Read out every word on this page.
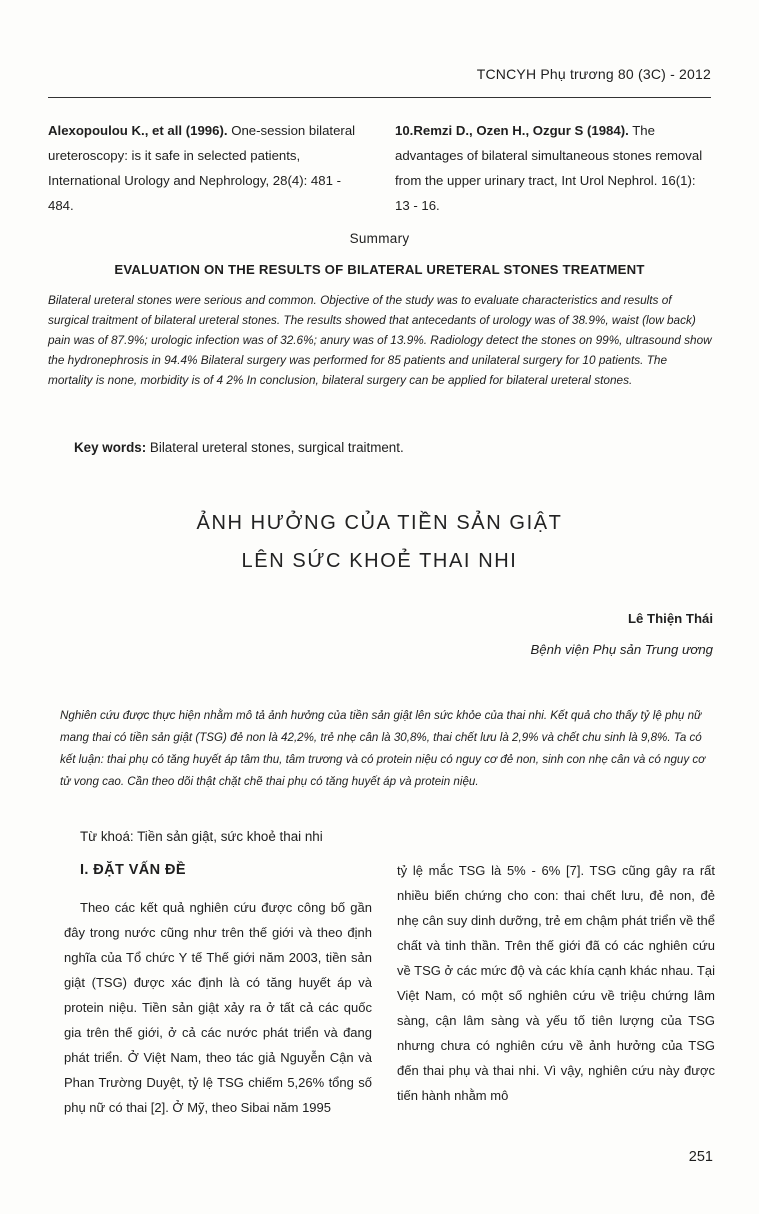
TCNCYH Phụ trương 80 (3C) - 2012
Alexopoulou K., et all (1996). One-session bilateral ureteroscopy: is it safe in selected patients, International Urology and Nephrology, 28(4): 481 - 484.
10.Remzi D., Ozen H., Ozgur S (1984). The advantages of bilateral simultaneous stones removal from the upper urinary tract, Int Urol Nephrol. 16(1): 13 - 16.
Summary
EVALUATION ON THE RESULTS OF BILATERAL URETERAL STONES TREATMENT
Bilateral ureteral stones were serious and common. Objective of the study was to evaluate characteristics and results of surgical traitment of bilateral ureteral stones. The results showed that antecedants of urology was of 38.9%, waist (low back) pain was of 87.9%; urologic infection was of 32.6%; anury was of 13.9%. Radiology detect the stones on 99%, ultrasound show the hydronephrosis in 94.4% Bilateral surgery was performed for 85 patients and unilateral surgery for 10 patients. The mortality is none, morbidity is of 4 2% In conclusion, bilateral surgery can be applied for bilateral ureteral stones.
Key words: Bilateral ureteral stones, surgical traitment.
ẢNH HƯỞNG CỦA TIỀN SẢN GIẬT
LÊN SỨC KHOẺ THAI NHI
Lê Thiện Thái
Bệnh viện Phụ sản Trung ương
Nghiên cứu được thực hiện nhằm mô tả ảnh hưởng của tiền sản giật lên sức khỏe của thai nhi. Kết quả cho thấy tỷ lệ phụ nữ mang thai có tiền sản giật (TSG) đẻ non là 42,2%, trẻ nhẹ cân là 30,8%, thai chết lưu là 2,9% và chết chu sinh là 9,8%. Ta có kết luận: thai phụ có tăng huyết áp tâm thu, tâm trương và có protein niệu có nguy cơ đẻ non, sinh con nhẹ cân và có nguy cơ tử vong cao. Cần theo dõi thật chặt chẽ thai phụ có tăng huyết áp và protein niệu.
Từ khoá: Tiền sản giật, sức khoẻ thai nhi
I. ĐẶT VẤN ĐỀ

Theo các kết quả nghiên cứu được công bố gần đây trong nước cũng như trên thế giới và theo định nghĩa của Tổ chức Y tế Thế giới năm 2003, tiền sản giật (TSG) được xác định là có tăng huyết áp và protein niệu. Tiền sản giật xảy ra ở tất cả các quốc gia trên thế giới, ở cả các nước phát triển và đang phát triển. Ở Việt Nam, theo tác giả Nguyễn Cận và Phan Trường Duyệt, tỷ lệ TSG chiếm 5,26% tổng số phụ nữ có thai [2]. Ở Mỹ, theo Sibai năm 1995

tỷ lệ mắc TSG là 5% - 6% [7]. TSG cũng gây ra rất nhiều biến chứng cho con: thai chết lưu, đẻ non, đẻ nhẹ cân suy dinh dưỡng, trẻ em chậm phát triển về thể chất và tinh thần. Trên thế giới đã có các nghiên cứu về TSG ở các mức độ và các khía cạnh khác nhau. Tại Việt Nam, có một số nghiên cứu về triệu chứng lâm sàng, cận lâm sàng và yếu tố tiên lượng của TSG nhưng chưa có nghiên cứu về ảnh hưởng của TSG đến thai phụ và thai nhi. Vì vậy, nghiên cứu này được tiến hành nhằm mô

251
